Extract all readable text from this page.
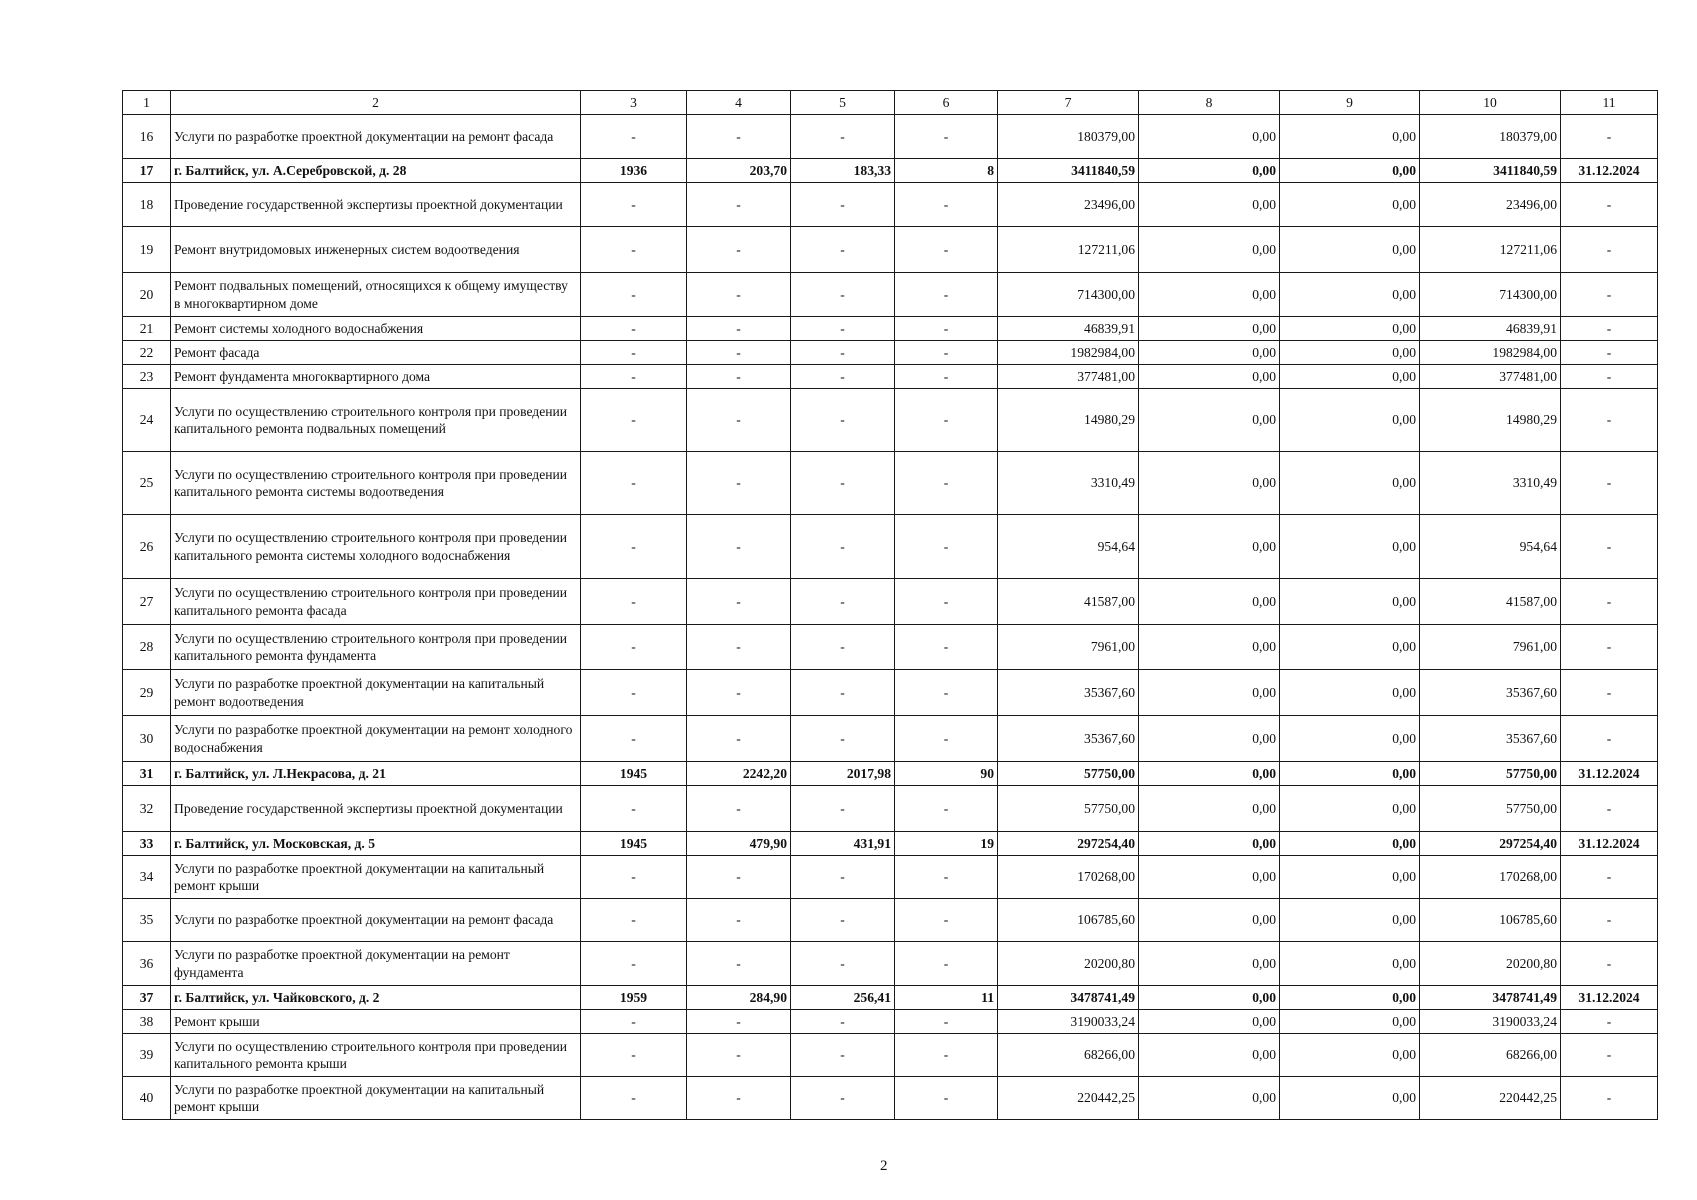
1	2	3	4	5	6	7	8	9	10	11
16	Услуги по разработке проектной документации на ремонт фасада	-	-	-	-	180379,00	0,00	0,00	180379,00	-
17	г. Балтийск, ул. А.Серебровской, д. 28	1936	203,70	183,33	8	3411840,59	0,00	0,00	3411840,59	31.12.2024
18	Проведение государственной экспертизы проектной документации	-	-	-	-	23496,00	0,00	0,00	23496,00	-
19	Ремонт внутридомовых инженерных систем водоотведения	-	-	-	-	127211,06	0,00	0,00	127211,06	-
20	Ремонт подвальных помещений, относящихся к общему имуществу в многоквартирном доме	-	-	-	-	714300,00	0,00	0,00	714300,00	-
21	Ремонт системы холодного водоснабжения	-	-	-	-	46839,91	0,00	0,00	46839,91	-
22	Ремонт фасада	-	-	-	-	1982984,00	0,00	0,00	1982984,00	-
23	Ремонт фундамента многоквартирного дома	-	-	-	-	377481,00	0,00	0,00	377481,00	-
24	Услуги по осуществлению строительного контроля при проведении капитального ремонта подвальных помещений	-	-	-	-	14980,29	0,00	0,00	14980,29	-
25	Услуги по осуществлению строительного контроля при проведении капитального ремонта системы водоотведения	-	-	-	-	3310,49	0,00	0,00	3310,49	-
26	Услуги по осуществлению строительного контроля при проведении капитального ремонта системы холодного водоснабжения	-	-	-	-	954,64	0,00	0,00	954,64	-
27	Услуги по осуществлению строительного контроля при проведении капитального ремонта фасада	-	-	-	-	41587,00	0,00	0,00	41587,00	-
28	Услуги по осуществлению строительного контроля при проведении капитального ремонта фундамента	-	-	-	-	7961,00	0,00	0,00	7961,00	-
29	Услуги по разработке проектной документации на капитальный ремонт водоотведения	-	-	-	-	35367,60	0,00	0,00	35367,60	-
30	Услуги по разработке проектной документации на ремонт холодного водоснабжения	-	-	-	-	35367,60	0,00	0,00	35367,60	-
31	г. Балтийск, ул. Л.Некрасова, д. 21	1945	2242,20	2017,98	90	57750,00	0,00	0,00	57750,00	31.12.2024
32	Проведение государственной экспертизы проектной документации	-	-	-	-	57750,00	0,00	0,00	57750,00	-
33	г. Балтийск, ул. Московская, д. 5	1945	479,90	431,91	19	297254,40	0,00	0,00	297254,40	31.12.2024
34	Услуги по разработке проектной документации на капитальный ремонт крыши	-	-	-	-	170268,00	0,00	0,00	170268,00	-
35	Услуги по разработке проектной документации на ремонт фасада	-	-	-	-	106785,60	0,00	0,00	106785,60	-
36	Услуги по разработке проектной документации на ремонт фундамента	-	-	-	-	20200,80	0,00	0,00	20200,80	-
37	г. Балтийск, ул. Чайковского, д. 2	1959	284,90	256,41	11	3478741,49	0,00	0,00	3478741,49	31.12.2024
38	Ремонт крыши	-	-	-	-	3190033,24	0,00	0,00	3190033,24	-
39	Услуги по осуществлению строительного контроля при проведении капитального ремонта крыши	-	-	-	-	68266,00	0,00	0,00	68266,00	-
40	Услуги по разработке проектной документации на капитальный ремонт крыши	-	-	-	-	220442,25	0,00	0,00	220442,25	-
2
